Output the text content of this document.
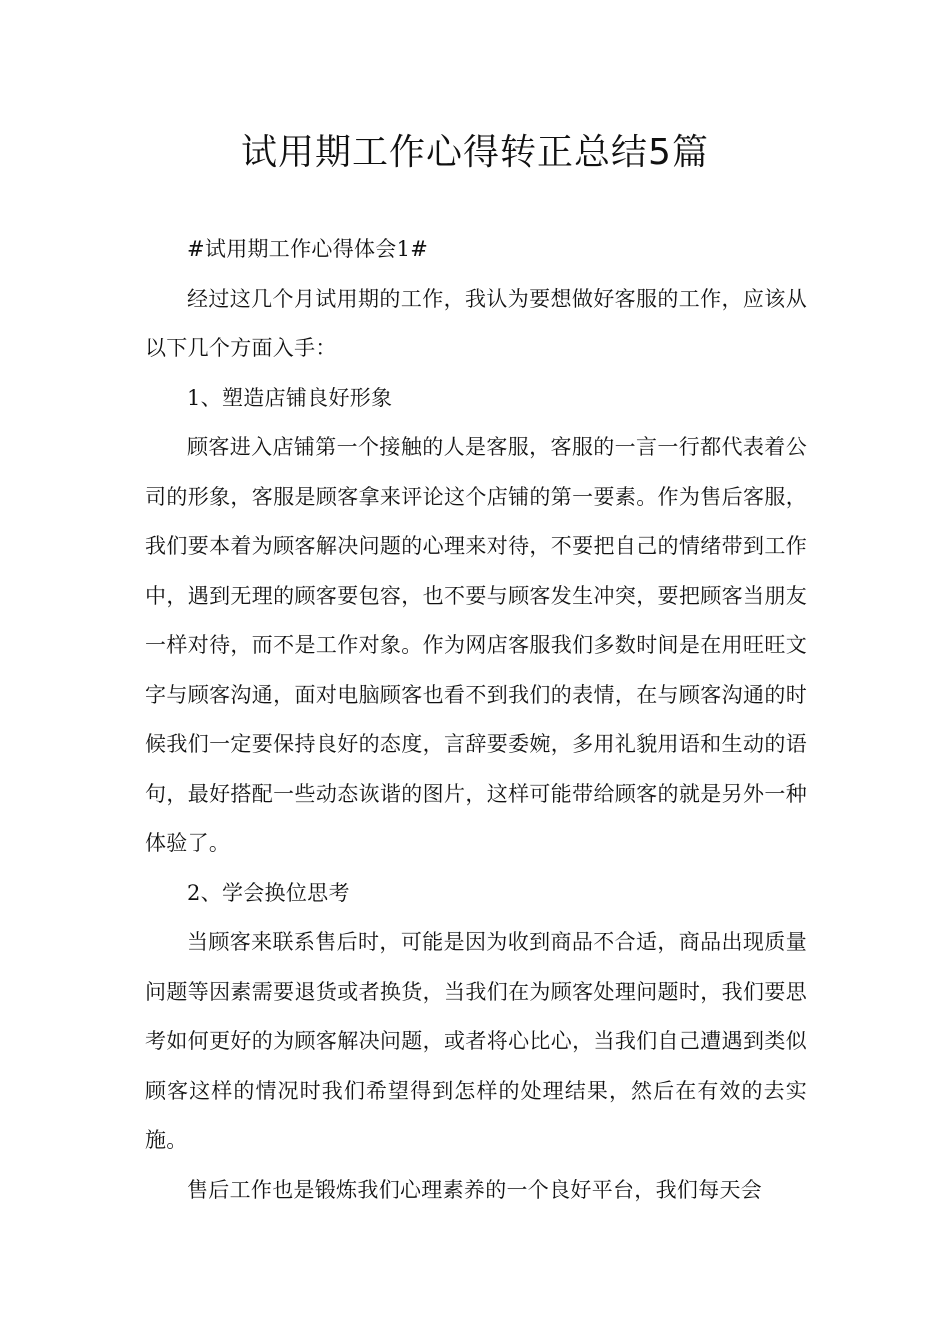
试用期工作心得转正总结5篇

#试用期工作心得体会1#

经过这几个月试用期的工作，我认为要想做好客服的工作，应该从以下几个方面入手：

1、塑造店铺良好形象

顾客进入店铺第一个接触的人是客服，客服的一言一行都代表着公司的形象，客服是顾客拿来评论这个店铺的第一要素。作为售后客服，我们要本着为顾客解决问题的心理来对待，不要把自己的情绪带到工作中，遇到无理的顾客要包容，也不要与顾客发生冲突，要把顾客当朋友一样对待，而不是工作对象。作为网店客服我们多数时间是在用旺旺文字与顾客沟通，面对电脑顾客也看不到我们的表情，在与顾客沟通的时候我们一定要保持良好的态度，言辞要委婉，多用礼貌用语和生动的语句，最好搭配一些动态诙谐的图片，这样可能带给顾客的就是另外一种体验了。

2、学会换位思考

当顾客来联系售后时，可能是因为收到商品不合适，商品出现质量问题等因素需要退货或者换货，当我们在为顾客处理问题时，我们要思考如何更好的为顾客解决问题，或者将心比心，当我们自己遭遇到类似顾客这样的情况时我们希望得到怎样的处理结果，然后在有效的去实施。

售后工作也是锻炼我们心理素养的一个良好平台，我们每天会
